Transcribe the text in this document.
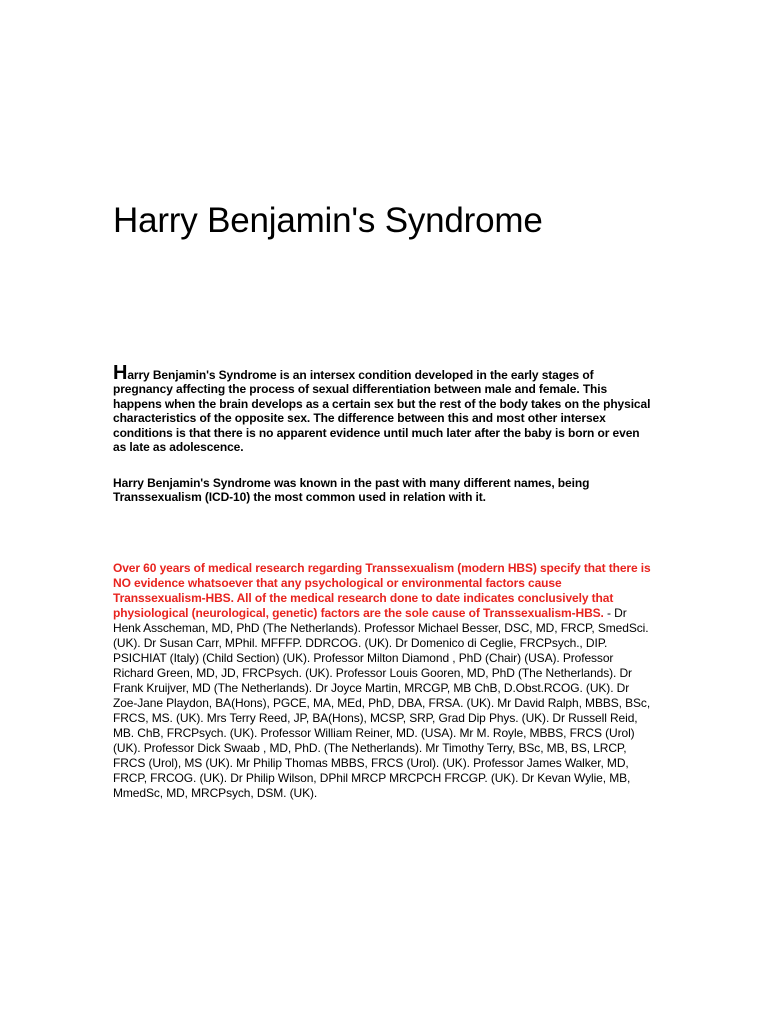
Harry Benjamin's Syndrome

Harry Benjamin's Syndrome is an intersex condition developed in the early stages of pregnancy affecting the process of sexual differentiation between male and female. This happens when the brain develops as a certain sex but the rest of the body takes on the physical characteristics of the opposite sex. The difference between this and most other intersex conditions is that there is no apparent evidence until much later after the baby is born or even as late as adolescence.

Harry Benjamin's Syndrome was known in the past with many different names, being Transsexualism (ICD-10) the most common used in relation with it.

Over 60 years of medical research regarding Transsexualism (modern HBS) specify that there is NO evidence whatsoever that any psychological or environmental factors cause Transsexualism-HBS. All of the medical research done to date indicates conclusively that physiological (neurological, genetic) factors are the sole cause of Transsexualism-HBS. - Dr Henk Asscheman, MD, PhD (The Netherlands). Professor Michael Besser, DSC, MD, FRCP, SmedSci. (UK). Dr Susan Carr, MPhil. MFFFP. DDRCOG. (UK). Dr Domenico di Ceglie, FRCPsych., DIP. PSICHIAT (Italy) (Child Section) (UK). Professor Milton Diamond , PhD (Chair) (USA). Professor Richard Green, MD, JD, FRCPsych. (UK). Professor Louis Gooren, MD, PhD (The Netherlands). Dr Frank Kruijver, MD (The Netherlands). Dr Joyce Martin, MRCGP, MB ChB, D.Obst.RCOG. (UK). Dr Zoe-Jane Playdon, BA(Hons), PGCE, MA, MEd, PhD, DBA, FRSA. (UK). Mr David Ralph, MBBS, BSc, FRCS, MS. (UK). Mrs Terry Reed, JP, BA(Hons), MCSP, SRP, Grad Dip Phys. (UK). Dr Russell Reid, MB. ChB, FRCPsych. (UK). Professor William Reiner, MD. (USA). Mr M. Royle, MBBS, FRCS (Urol) (UK). Professor Dick Swaab , MD, PhD. (The Netherlands). Mr Timothy Terry, BSc, MB, BS, LRCP, FRCS (Urol), MS (UK). Mr Philip Thomas MBBS, FRCS (Urol). (UK). Professor James Walker, MD, FRCP, FRCOG. (UK). Dr Philip Wilson, DPhil MRCP MRCPCH FRCGP. (UK). Dr Kevan Wylie, MB, MmedSc, MD, MRCPsych, DSM. (UK).
